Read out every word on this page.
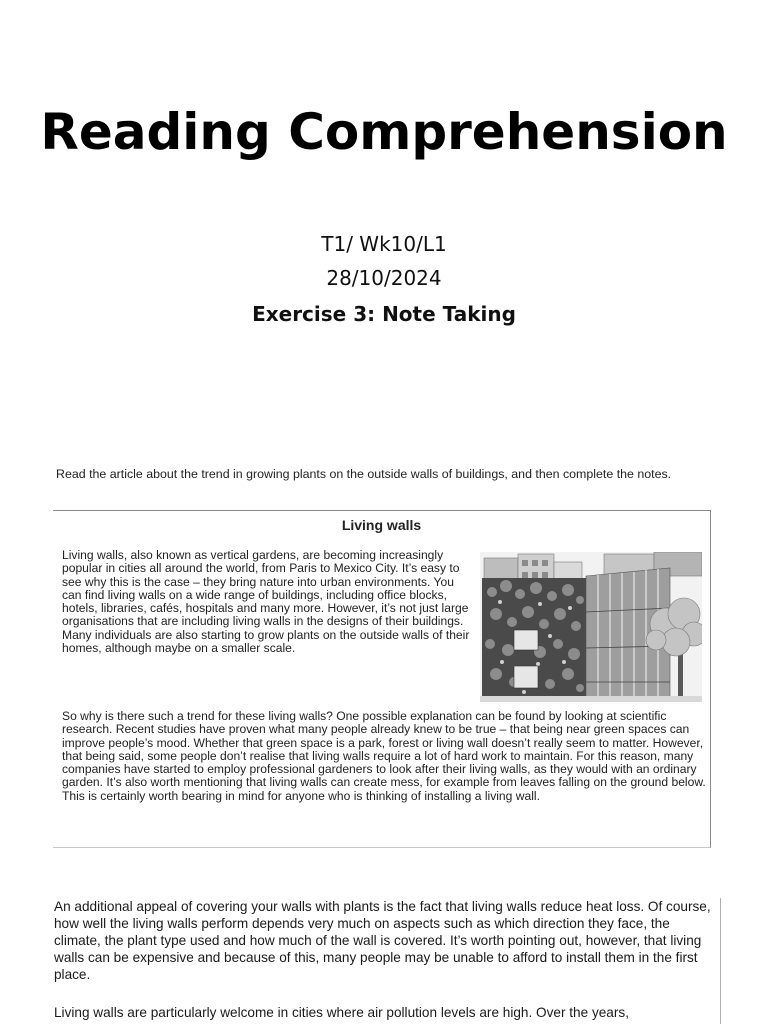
Reading Comprehension
T1/ Wk10/L1
28/10/2024
Exercise 3: Note Taking
Read the article about the trend in growing plants on the outside walls of buildings, and then complete the notes.
Living walls

Living walls, also known as vertical gardens, are becoming increasingly popular in cities all around the world, from Paris to Mexico City. It’s easy to see why this is the case – they bring nature into urban environments. You can find living walls on a wide range of buildings, including office blocks, hotels, libraries, cafés, hospitals and many more. However, it’s not just large organisations that are including living walls in the designs of their buildings. Many individuals are also starting to grow plants on the outside walls of their homes, although maybe on a smaller scale.

So why is there such a trend for these living walls? One possible explanation can be found by looking at scientific research. Recent studies have proven what many people already knew to be true – that being near green spaces can improve people’s mood. Whether that green space is a park, forest or living wall doesn’t really seem to matter. However, that being said, some people don’t realise that living walls require a lot of hard work to maintain. For this reason, many companies have started to employ professional gardeners to look after their living walls, as they would with an ordinary garden. It’s also worth mentioning that living walls can create mess, for example from leaves falling on the ground below. This is certainly worth bearing in mind for anyone who is thinking of installing a living wall.

An additional appeal of covering your walls with plants is the fact that living walls reduce heat loss. Of course, how well the living walls perform depends very much on aspects such as which direction they face, the climate, the plant type used and how much of the wall is covered. It’s worth pointing out, however, that living walls can be expensive and because of this, many people may be unable to afford to install them in the first place.

Living walls are particularly welcome in cities where air pollution levels are high. Over the years,
